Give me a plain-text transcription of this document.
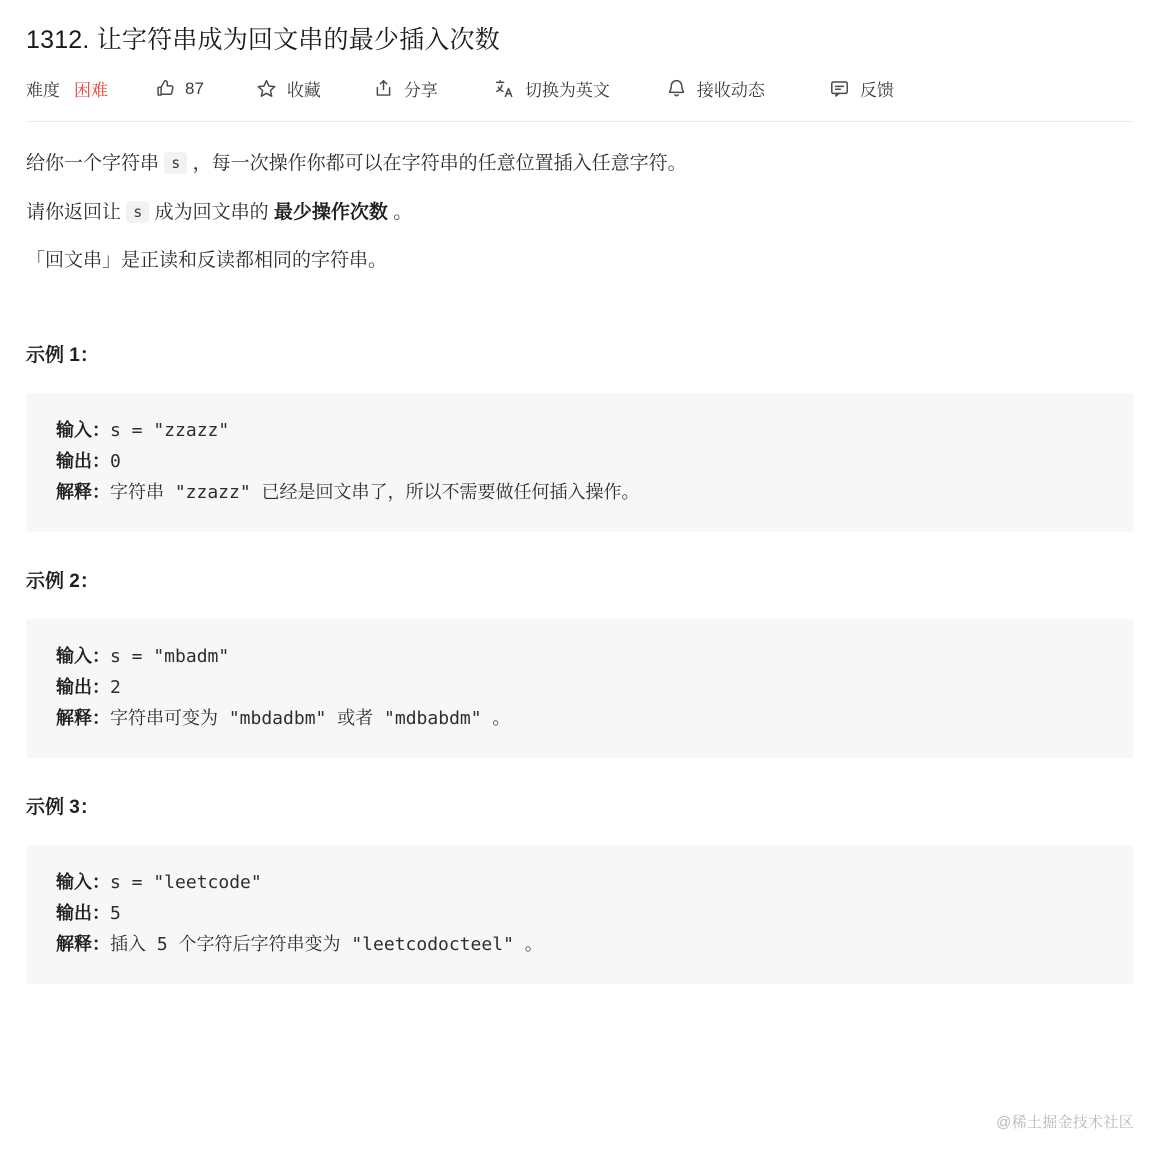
1312. 让字符串成为回文串的最少插入次数
难度 困难	87	收藏	分享	切换为英文	接收动态	反馈

给你一个字符串 s ，每一次操作你都可以在字符串的任意位置插入任意字符。

请你返回让 s 成为回文串的 最少操作次数 。

「回文串」是正读和反读都相同的字符串。

示例 1：
输入：s = "zzazz"
输出：0
解释：字符串 "zzazz" 已经是回文串了，所以不需要做任何插入操作。
示例 2：
输入：s = "mbadm"
输出：2
解释：字符串可变为 "mbdadbm" 或者 "mdbabdm" 。
示例 3：
输入：s = "leetcode"
输出：5
解释：插入 5 个字符后字符串变为 "leetcodocteel" 。
@稀土掘金技术社区
